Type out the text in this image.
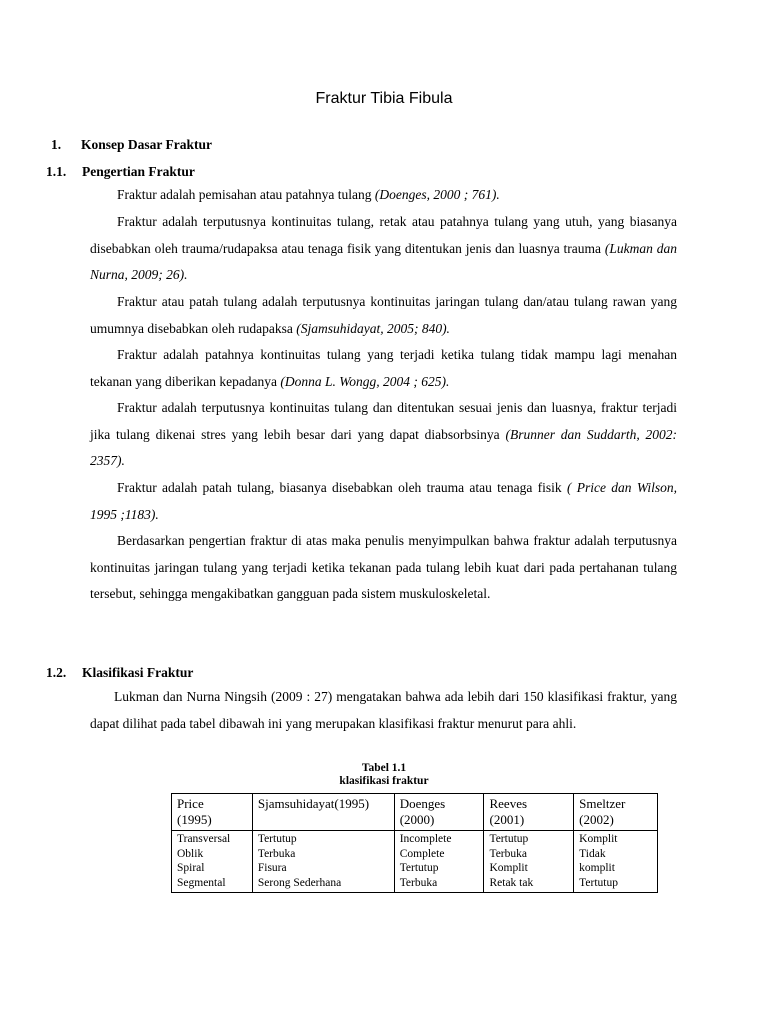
Fraktur Tibia Fibula
1. Konsep Dasar Fraktur
1.1. Pengertian Fraktur

Fraktur adalah pemisahan atau patahnya tulang (Doenges, 2000 ; 761).

Fraktur adalah terputusnya kontinuitas tulang, retak atau patahnya tulang yang utuh, yang biasanya disebabkan oleh trauma/rudapaksa atau tenaga fisik yang ditentukan jenis dan luasnya trauma (Lukman dan Nurna, 2009; 26).

Fraktur atau patah tulang adalah terputusnya kontinuitas jaringan tulang dan/atau tulang rawan yang umumnya disebabkan oleh rudapaksa (Sjamsuhidayat, 2005; 840).

Fraktur adalah patahnya kontinuitas tulang yang terjadi ketika tulang tidak mampu lagi menahan tekanan yang diberikan kepadanya (Donna L. Wongg, 2004 ; 625).

Fraktur adalah terputusnya kontinuitas tulang dan ditentukan sesuai jenis dan luasnya, fraktur terjadi jika tulang dikenai stres yang lebih besar dari yang dapat diabsorbsinya (Brunner dan Suddarth, 2002: 2357).

Fraktur adalah patah tulang, biasanya disebabkan oleh trauma atau tenaga fisik ( Price dan Wilson, 1995 ;1183).

Berdasarkan pengertian fraktur di atas maka penulis menyimpulkan bahwa fraktur adalah terputusnya kontinuitas jaringan tulang yang terjadi ketika tekanan pada tulang lebih kuat dari pada pertahanan tulang tersebut, sehingga mengakibatkan gangguan pada sistem muskuloskeletal.

1.2. Klasifikasi Fraktur

Lukman dan Nurna Ningsih (2009 : 27) mengatakan bahwa ada lebih dari 150 klasifikasi fraktur, yang dapat dilihat pada tabel dibawah ini yang merupakan klasifikasi fraktur menurut para ahli.

Tabel 1.1
klasifikasi fraktur
Price
(1995)	Sjamsuhidayat(1995)	Doenges
(2000)	Reeves
(2001)	Smeltzer
(2002)

Transversal
Oblik
Spiral
Segmental	Tertutup
Terbuka
Fisura
Serong Sederhana	Incomplete
Complete
Tertutup
Terbuka	Tertutup
Terbuka
Komplit
Retak tak	Komplit
Tidak
komplit
Tertutup
